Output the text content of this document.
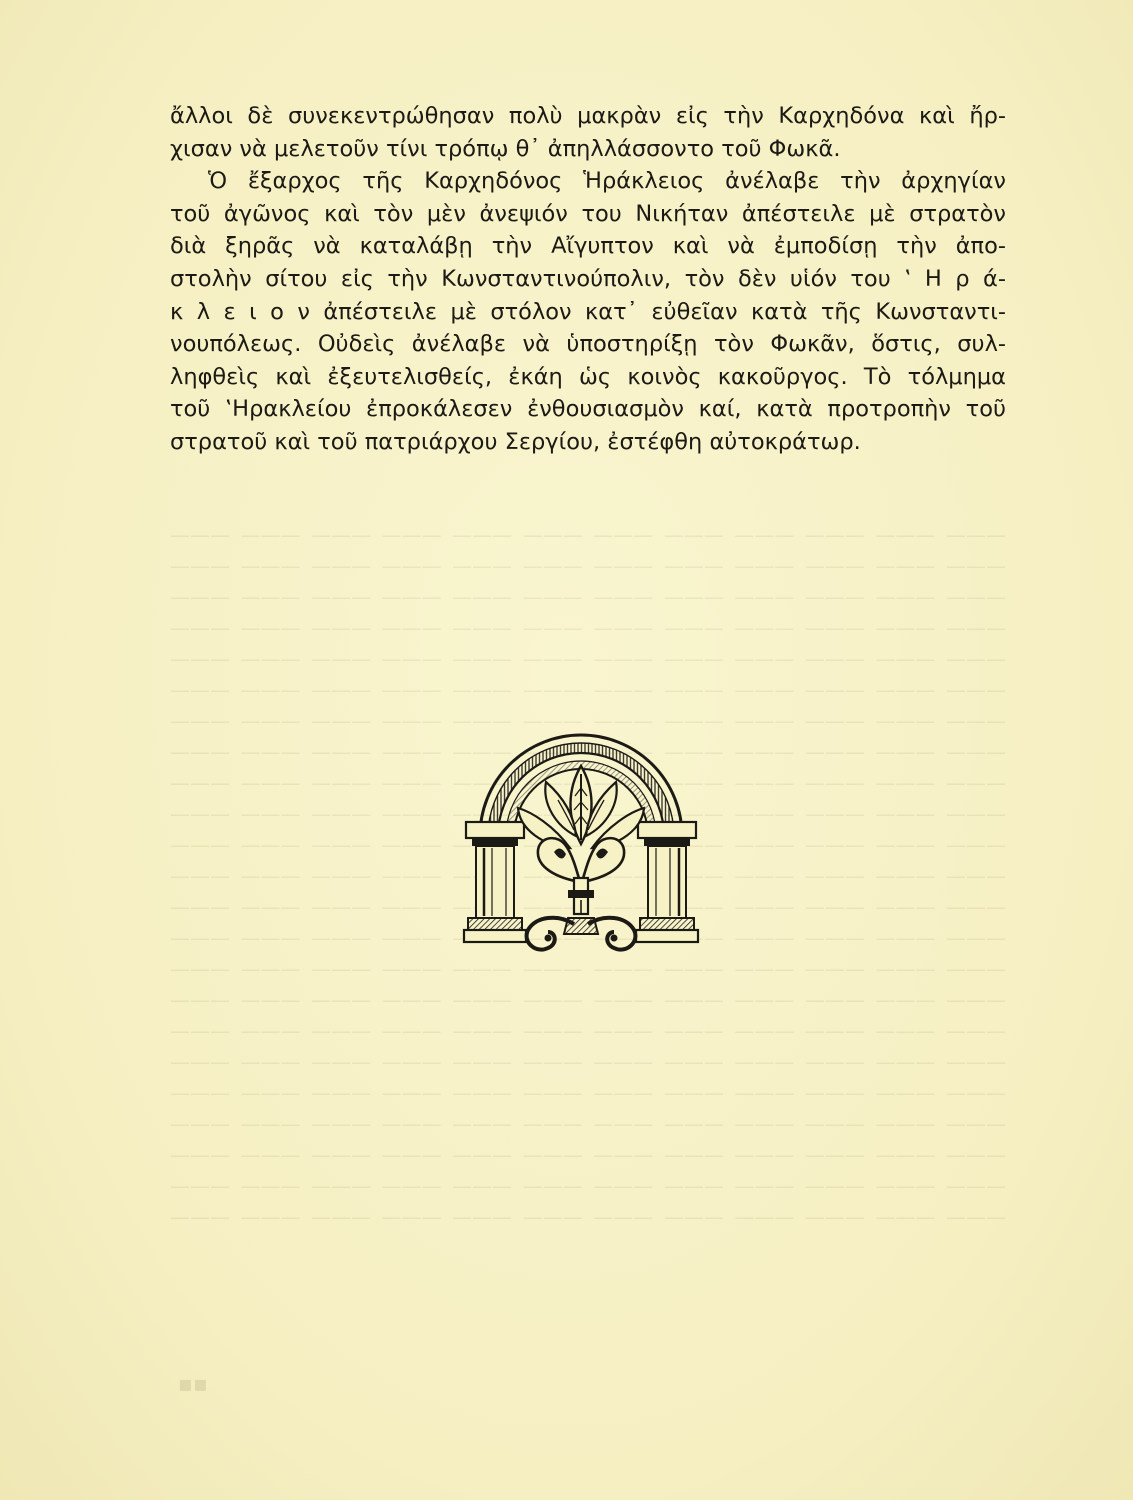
——— ——— ——— ——— ——— ——— ——— ——— ——— ——— ——— ———

——— ——— ——— ——— ——— ——— ——— ——— ——— ——— ——— ———

——— ——— ——— ——— ——— ——— ——— ——— ——— ——— ——— ———

——— ——— ——— ——— ——— ——— ——— ——— ——— ——— ——— ———

——— ——— ——— ——— ——— ——— ——— ——— ——— ——— ——— ———

——— ——— ——— ——— ——— ——— ——— ——— ——— ——— ——— ———

——— ——— ——— ——— ——— ——— ——— ——— ——— ——— ——— ———

——— ——— ——— ——— ——— ——— ——— ——— ——— ——— ———

——— ——— ——— ——— ——— ——— ——— ——— ——— ——— ———

——— ——— ——— ——— ——— ——— ——— ——— ——— ——— ———

——— ——— ——— ——— ——— ——— ——— ——— ——— ——— ——— ———

——— ——— ——— ——— ——— ——— ——— ——— ——— ——— ———

——— ——— ——— ——— ——— ——— ——— ——— ——— ——— ———

——— ——— ——— ——— ——— ——— ——— ——— ——— ——— ——— ———

——— ——— ——— ——— ——— ——— ——— ——— ——— ——— ——— ———

——— ——— ——— ——— ——— ——— ——— ——— ——— ——— ——— ———

——— ——— ——— ——— ——— ——— ——— ——— ——— ——— ——— ———

——— ——— ——— ——— ——— ——— ——— ——— ——— ——— ——— ———

——— ——— ——— ——— ——— ——— ——— ——— ——— ——— ——— ———

——— ——— ——— ——— ——— ——— ——— ——— ——— ——— ——— ———

——— ——— ——— ——— ——— ——— ——— ——— ——— ——— ——— ———

——— ——— ——— ——— ——— ——— ——— ——— ——— ——— ——— ———

——— ——— ——— ——— ——— ——— ——— ——— ——— ——— ——— ———

▪▪

ἄλλοι δὲ συνεκεντρώθησαν πολὺ μακρὰν εἰς τὴν Καρχηδόνα καὶ ἤρ-

χισαν νὰ μελετοῦν τίνι τρόπῳ θ᾽ ἀπηλλάσσοντο τοῦ Φωκᾶ.

Ὁ ἔξαρχος τῆς Καρχηδόνος Ἡράκλειος ἀνέλαβε τὴν ἀρχηγίαν

τοῦ ἀγῶνος καὶ τὸν μὲν ἀνεψιόν του Νικήταν ἀπέστειλε μὲ στρατὸν

διὰ ξηρᾶς νὰ καταλάβῃ τὴν Αἴγυπτον καὶ νὰ ἐμποδίσῃ τὴν ἀπο-

στολὴν σίτου εἰς τὴν Κωνσταντινούπολιν, τὸν δὲν υἱόν του ‛ Η ρ ά-

κ λ ε ι ο ν ἀπέστειλε μὲ στόλον κατ᾽ εὐθεῖαν κατὰ τῆς Κωνσταντι-

νουπόλεως. Οὐδεὶς ἀνέλαβε νὰ ὑποστηρίξῃ τὸν Φωκᾶν, ὅστις, συλ-

ληφθεὶς καὶ ἐξευτελισθείς, ἐκάη ὡς κοινὸς κακοῦργος. Τὸ τόλμημα

τοῦ ‛Ηρακλείου ἐπροκάλεσεν ἐνθουσιασμὸν καί, κατὰ προτροπὴν τοῦ

στρατοῦ καὶ τοῦ πατριάρχου Σεργίου, ἐστέφθη αὐτοκράτωρ.
